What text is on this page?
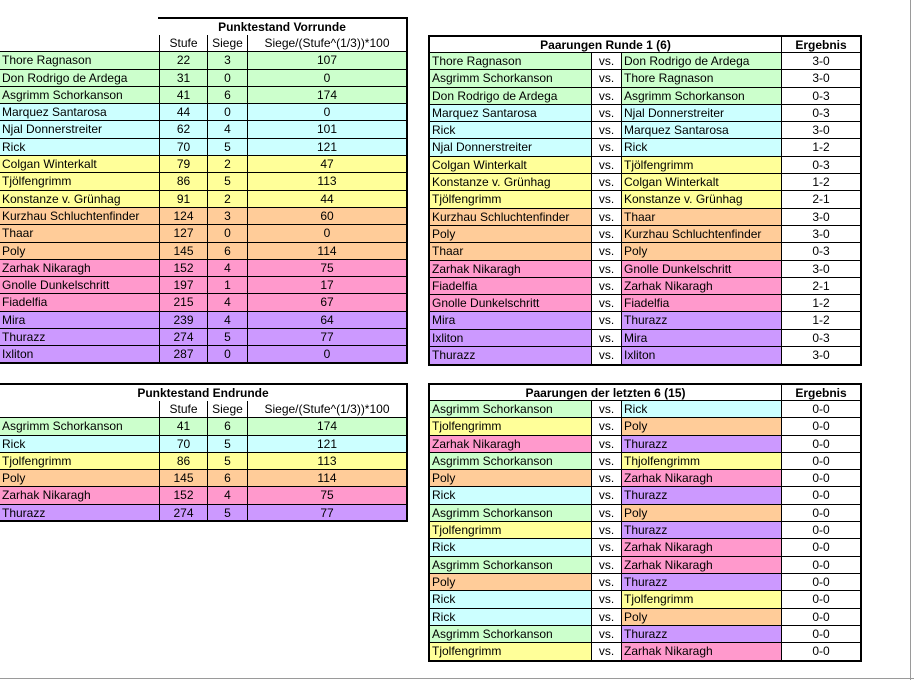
Punktestand Vorrunde
Stufe	Siege	Siege/(Stufe^(1/3))*100
Thore Ragnason	22	3	107
Don Rodrigo de Ardega	31	0	0
Asgrimm Schorkanson	41	6	174
Marquez Santarosa	44	0	0
Njal Donnerstreiter	62	4	101
Rick	70	5	121
Colgan Winterkalt	79	2	47
Tjölfengrimm	86	5	113
Konstanze v. Grünhag	91	2	44
Kurzhau Schluchtenfinder	124	3	60
Thaar	127	0	0
Poly	145	6	114
Zarhak Nikaragh	152	4	75
Gnolle Dunkelschritt	197	1	17
Fiadelfia	215	4	67
Mira	239	4	64
Thurazz	274	5	77
Ixliton	287	0	0
Punktestand Endrunde
Stufe	Siege	Siege/(Stufe^(1/3))*100
Asgrimm Schorkanson	41	6	174
Rick	70	5	121
Tjolfengrimm	86	5	113
Poly	145	6	114
Zarhak Nikaragh	152	4	75
Thurazz	274	5	77
Paarungen Runde 1 (6)	Ergebnis
Thore Ragnason	vs. Don Rodrigo de Ardega	3-0
Asgrimm Schorkanson	vs. Thore Ragnason	3-0
Don Rodrigo de Ardega	vs. Asgrimm Schorkanson	0-3
Marquez Santarosa	vs. Njal Donnerstreiter	0-3
Rick	vs. Marquez Santarosa	3-0
Njal Donnerstreiter	vs. Rick	1-2
Colgan Winterkalt	vs. Tjölfengrimm	0-3
Konstanze v. Grünhag	vs. Colgan Winterkalt	1-2
Tjölfengrimm	vs. Konstanze v. Grünhag	2-1
Kurzhau Schluchtenfinder	vs. Thaar	3-0
Poly	vs. Kurzhau Schluchtenfinder	3-0
Thaar	vs. Poly	0-3
Zarhak Nikaragh	vs. Gnolle Dunkelschritt	3-0
Fiadelfia	vs. Zarhak Nikaragh	2-1
Gnolle Dunkelschritt	vs. Fiadelfia	1-2
Mira	vs. Thurazz	1-2
Ixliton	vs. Mira	0-3
Thurazz	vs. Ixliton	3-0
Paarungen der letzten 6 (15)	Ergebnis
Asgrimm Schorkanson	vs. Rick	0-0
Tjolfengrimm	vs. Poly	0-0
Zarhak Nikaragh	vs. Thurazz	0-0
Asgrimm Schorkanson	vs. Thjolfengrimm	0-0
Poly	vs. Zarhak Nikaragh	0-0
Rick	vs. Thurazz	0-0
Asgrimm Schorkanson	vs. Poly	0-0
Tjolfengrimm	vs. Thurazz	0-0
Rick	vs. Zarhak Nikaragh	0-0
Asgrimm Schorkanson	vs. Zarhak Nikaragh	0-0
Poly	vs. Thurazz	0-0
Rick	vs. Tjolfengrimm	0-0
Rick	vs. Poly	0-0
Asgrimm Schorkanson	vs. Thurazz	0-0
Tjolfengrimm	vs. Zarhak Nikaragh	0-0
